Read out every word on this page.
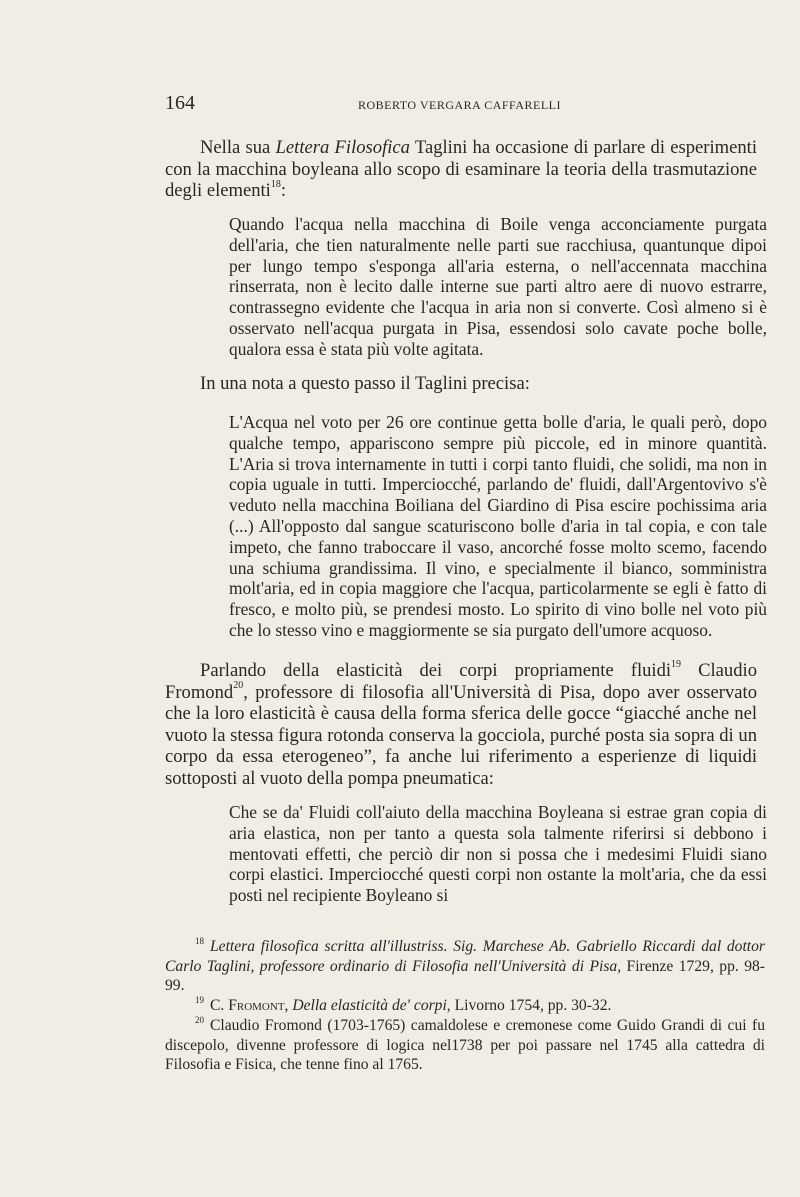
164	ROBERTO VERGARA CAFFARELLI

Nella sua Lettera Filosofica Taglini ha occasione di parlare di esperimenti con la macchina boyleana allo scopo di esaminare la teoria della trasmutazione degli elementi$^{18}$:

Quando l'acqua nella macchina di Boile venga acconciamente purgata dell'aria, che tien naturalmente nelle parti sue racchiusa, quantunque dipoi per lungo tempo s'esponga all'aria esterna, o nell'accennata macchina rinserrata, non è lecito dalle interne sue parti altro aere di nuovo estrarre, contrassegno evidente che l'acqua in aria non si converte. Così almeno si è osservato nell'acqua purgata in Pisa, essendosi solo cavate poche bolle, qualora essa è stata più volte agitata.

In una nota a questo passo il Taglini precisa:

L'Acqua nel voto per 26 ore continue getta bolle d'aria, le quali però, dopo qualche tempo, appariscono sempre più piccole, ed in minore quantità. L'Aria si trova internamente in tutti i corpi tanto fluidi, che solidi, ma non in copia uguale in tutti. Imperciocché, parlando de' fluidi, dall'Argentovivo s'è veduto nella macchina Boiliana del Giardino di Pisa escire pochissima aria (...) All'opposto dal sangue scaturiscono bolle d'aria in tal copia, e con tale impeto, che fanno traboccare il vaso, ancorché fosse molto scemo, facendo una schiuma grandissima. Il vino, e specialmente il bianco, somministra molt'aria, ed in copia maggiore che l'acqua, particolarmente se egli è fatto di fresco, e molto più, se prendesi mosto. Lo spirito di vino bolle nel voto più che lo stesso vino e maggiormente se sia purgato dell'umore acquoso.

Parlando della elasticità dei corpi propriamente fluidi$^{19}$ Claudio Fromond$^{20}$, professore di filosofia all'Università di Pisa, dopo aver osservato che la loro elasticità è causa della forma sferica delle gocce “giacché anche nel vuoto la stessa figura rotonda conserva la gocciola, purché posta sia sopra di un corpo da essa eterogeneo”, fa anche lui riferimento a esperienze di liquidi sottoposti al vuoto della pompa pneumatica:

Che se da' Fluidi coll'aiuto della macchina Boyleana si estrae gran copia di aria elastica, non per tanto a questa sola talmente riferirsi si debbono i mentovati effetti, che perciò dir non si possa che i medesimi Fluidi siano corpi elastici. Imperciocché questi corpi non ostante la molt'aria, che da essi posti nel recipiente Boyleano si

$^{18}$ Lettera filosofica scritta all'illustriss. Sig. Marchese Ab. Gabriello Riccardi dal dottor Carlo Taglini, professore ordinario di Filosofia nell'Università di Pisa, Firenze 1729, pp. 98-99.

$^{19}$ C. Fromont, Della elasticità de' corpi, Livorno 1754, pp. 30-32.

$^{20}$ Claudio Fromond (1703-1765) camaldolese e cremonese come Guido Grandi di cui fu discepolo, divenne professore di logica nel1738 per poi passare nel 1745 alla cattedra di Filosofia e Fisica, che tenne fino al 1765.
